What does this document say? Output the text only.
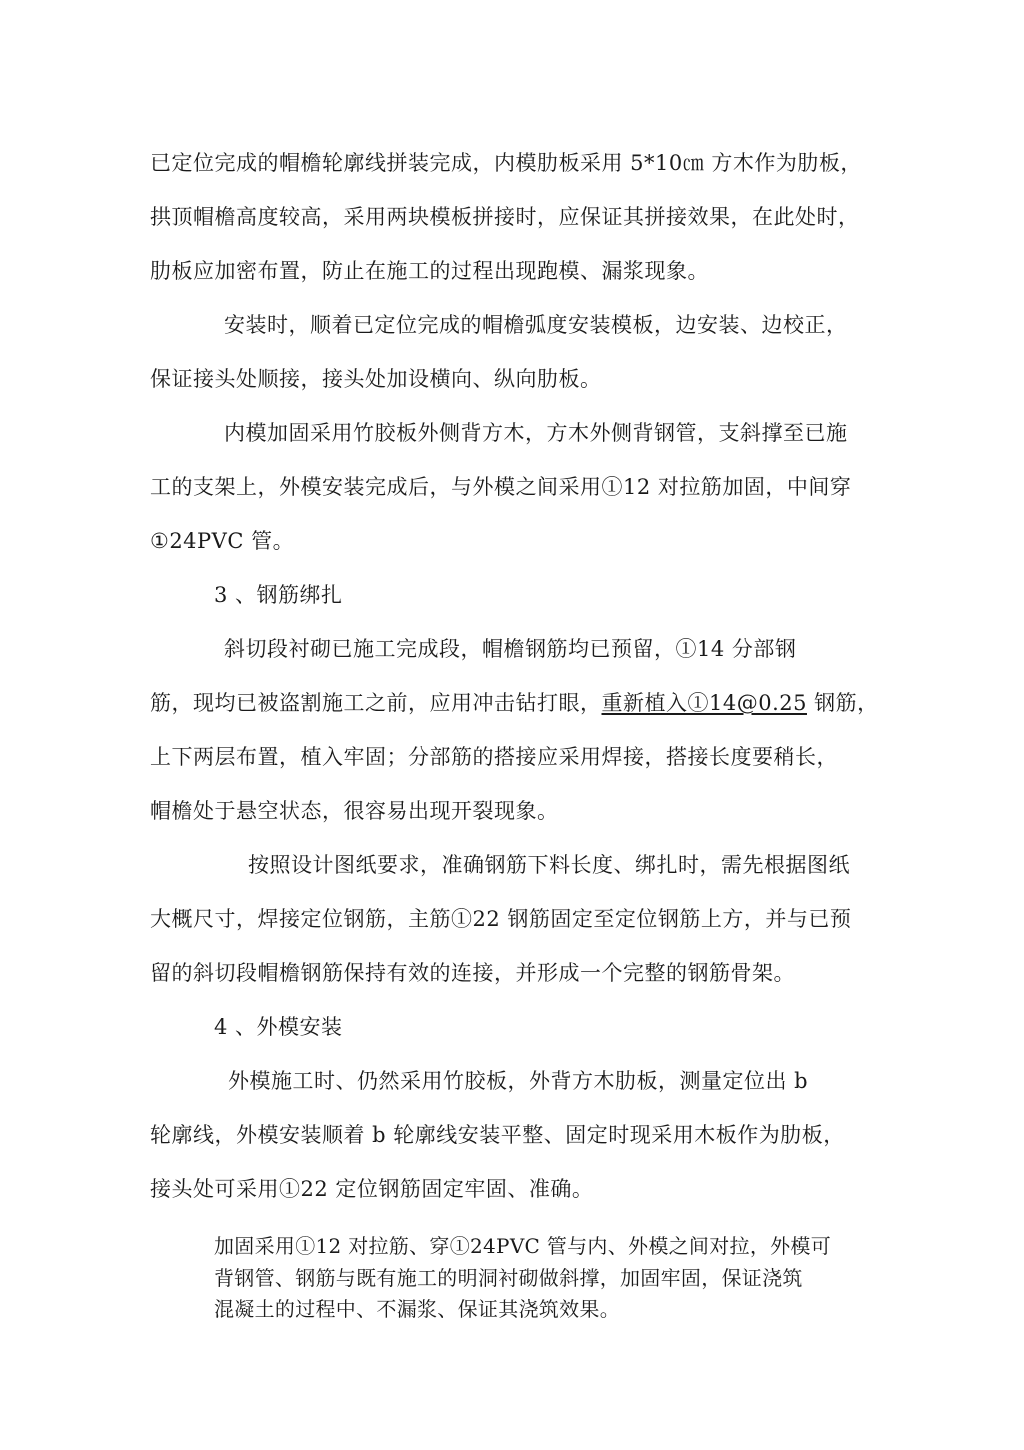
已定位完成的帽檐轮廓线拼装完成，内模肋板采用 5*10㎝ 方木作为肋板，
拱顶帽檐高度较高，采用两块模板拼接时，应保证其拼接效果，在此处时，
肋板应加密布置，防止在施工的过程出现跑模、漏浆现象。
安装时，顺着已定位完成的帽檐弧度安装模板，边安装、边校正，
保证接头处顺接，接头处加设横向、纵向肋板。
内模加固采用竹胶板外侧背方木，方木外侧背钢管，支斜撑至已施
工的支架上，外模安装完成后，与外模之间采用①12 对拉筋加固，中间穿
①24PVC 管。
3 、钢筋绑扎
斜切段衬砌已施工完成段，帽檐钢筋均已预留，①14 分部钢
筋，现均已被盗割施工之前，应用冲击钻打眼，重新植入①14@0.25 钢筋，
上下两层布置，植入牢固；分部筋的搭接应采用焊接，搭接长度要稍长，
帽檐处于悬空状态，很容易出现开裂现象。
按照设计图纸要求，准确钢筋下料长度、绑扎时，需先根据图纸
大概尺寸，焊接定位钢筋，主筋①22 钢筋固定至定位钢筋上方，并与已预
留的斜切段帽檐钢筋保持有效的连接，并形成一个完整的钢筋骨架。
4 、外模安装
外模施工时、仍然采用竹胶板，外背方木肋板，测量定位出 b
轮廓线，外模安装顺着 b 轮廓线安装平整、固定时现采用木板作为肋板，
接头处可采用①22 定位钢筋固定牢固、准确。
加固采用①12 对拉筋、穿①24PVC 管与内、外模之间对拉，外模可
背钢管、钢筋与既有施工的明洞衬砌做斜撑，加固牢固，保证浇筑
混凝土的过程中、不漏浆、保证其浇筑效果。
